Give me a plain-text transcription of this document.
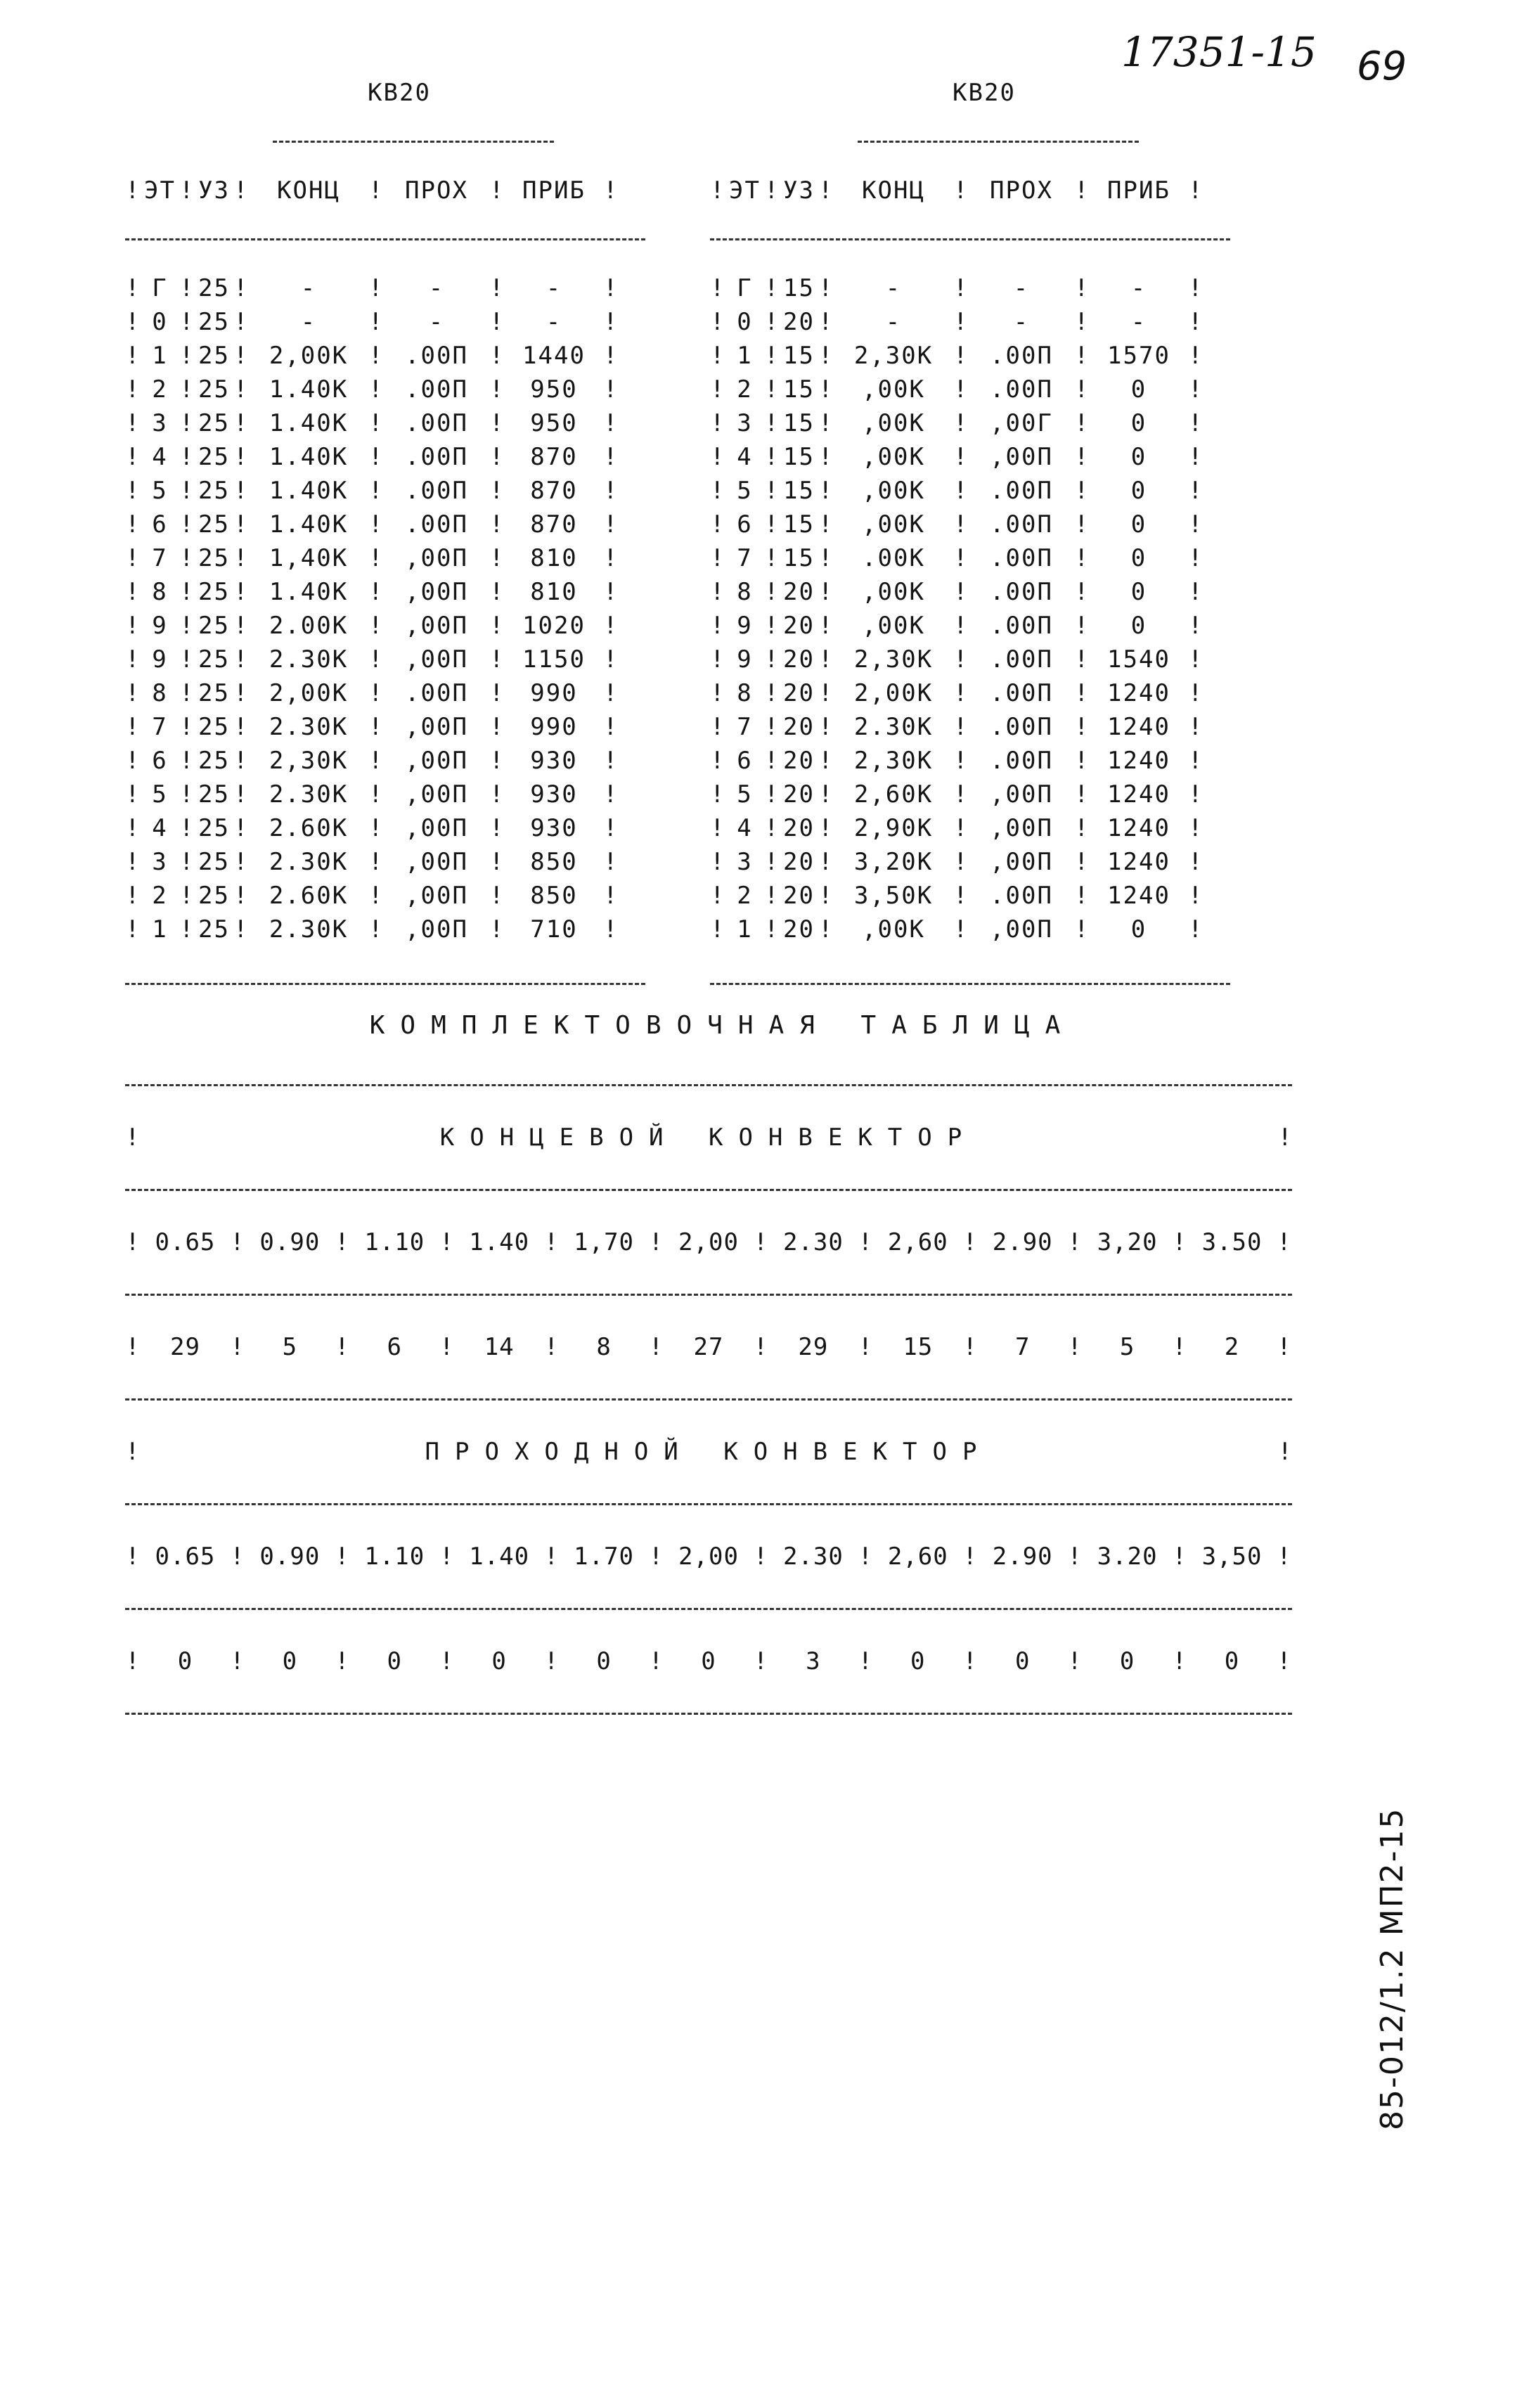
17351-15 69

КВ20

! ЭТ ! УЗ !	КОНЦ	! ПРОХ ! ПРИБ !

! Г ! 25 !	-	!	-	!	-	!
! 0 ! 25 !	-	!	-	!	-	!
! 1 ! 25 ! 2,00К ! .00П ! 1440 !
! 2 ! 25 ! 1.40К ! .00П !	950	!
! 3 ! 25 ! 1.40К ! .00П !	950	!
! 4 ! 25 ! 1.40К ! .00П !	870	!
! 5 ! 25 ! 1.40К ! .00П !	870	!
! 6 ! 25 ! 1.40К ! .00П !	870	!
! 7 ! 25 ! 1,40К ! ,00П !	810	!
! 8 ! 25 ! 1.40К ! ,00П !	810	!
! 9 ! 25 ! 2.00К ! ,00П ! 1020 !
! 9 ! 25 ! 2.30К ! ,00П ! 1150 !
! 8 ! 25 ! 2,00К ! .00П !	990	!
! 7 ! 25 ! 2.30К ! ,00П !	990	!
! 6 ! 25 ! 2,30К ! ,00П !	930	!
! 5 ! 25 ! 2.30К ! ,00П !	930	!
! 4 ! 25 ! 2.60К ! ,00П !	930	!
! 3 ! 25 ! 2.30К ! ,00П !	850	!
! 2 ! 25 ! 2.60К ! ,00П !	850	!
! 1 ! 25 ! 2.30К ! ,00П !	710	!

КВ20

! ЭТ ! УЗ !	КОНЦ	! ПРОХ ! ПРИБ !

! Г ! 15 !	-	!	-	!	-	!
! 0 ! 20 !	-	!	-	!	-	!
! 1 ! 15 ! 2,30К ! .00П ! 1570 !
! 2 ! 15 !	,00К	! .00П !	0	!
! 3 ! 15 !	,00К	! ,00Г !	0	!
! 4 ! 15 !	,00К	! ,00П !	0	!
! 5 ! 15 !	,00К	! .00П !	0	!
! 6 ! 15 !	,00К	! .00П !	0	!
! 7 ! 15 !	.00К	! .00П !	0	!
! 8 ! 20 !	,00К	! .00П !	0	!
! 9 ! 20 !	,00К	! .00П !	0	!
! 9 ! 20 ! 2,30К ! .00П ! 1540 !
! 8 ! 20 ! 2,00К ! .00П ! 1240 !
! 7 ! 20 ! 2.30К ! .00П ! 1240 !
! 6 ! 20 ! 2,30К ! .00П ! 1240 !
! 5 ! 20 ! 2,60К ! ,00П ! 1240 !
! 4 ! 20 ! 2,90К ! ,00П ! 1240 !
! 3 ! 20 ! 3,20К ! ,00П ! 1240 !
! 2 ! 20 ! 3,50К ! .00П ! 1240 !
! 1 ! 20 !	,00К	! ,00П !	0	!

КОМПЛЕКТОВОЧНАЯ ТАБЛИЦА

!	КОНЦЕВОЙ КОНВЕКТОР	!

! 0.65 ! 0.90 ! 1.10 ! 1.40 ! 1,70 ! 2,00 ! 2.30 ! 2,60 ! 2.90 ! 3,20 ! 3.50 !

!	29	!	5	!	6	!	14	!	8	!	27	!	29	!	15	!	7	!	5	!	2	!

!	ПРОХОДНОЙ КОНВЕКТОР	!

! 0.65 ! 0.90 ! 1.10 ! 1.40 ! 1.70 ! 2,00 ! 2.30 ! 2,60 ! 2.90 ! 3.20 ! 3,50 !

!	0	!	0	!	0	!	0	!	0	!	0	!	3	!	0	!	0	!	0	!	0	!

85-012/1.2 МП2-15
